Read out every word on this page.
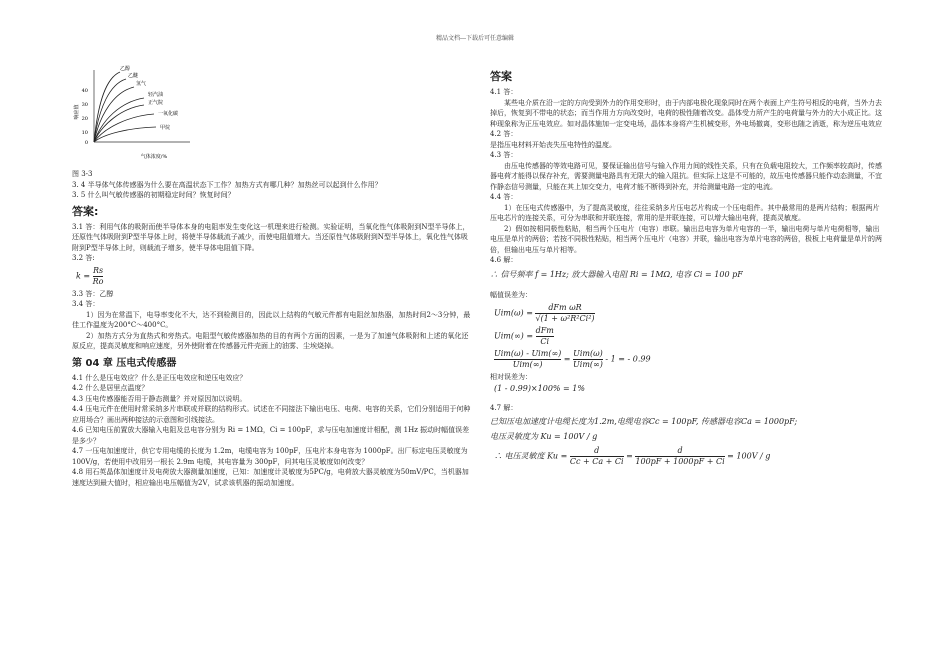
精品文档---下载后可任意编辑
40
30
20
10
0
响应值
气体浓度/%
乙醇
乙醚
氢气
轻汽油
正气院
一氧化碳
甲烷

图 3-3

3. 4 半导体气体传感器为什么要在高温状态下工作？加热方式有哪几种？加热丝可以起到什么作用？

3. 5 什么叫气敏传感器的初期稳定时间？恢复时间？

答案:

3.1 答：利用气体的吸附而使半导体本身的电阻率发生变化这一机理来进行检测。实验证明，当氧化性气体吸附到N型半导体上，还原性气体吸附到P型半导体上时，将使半导体载流子减少，而使电阻值增大。当还原性气体吸附到N型半导体上，氧化性气体吸附到P型半导体上时，则载流子增多，使半导体电阻值下降。

3.2 答:

$k = \frac{Rs}{Ro}$

3.3 答：乙醇

3.4 答：

1）因为在常温下，电导率变化不大，达不到检测目的，因此以上结构的气敏元件都有电阻丝加热器，加热时间2～3分钟，最佳工作温度为200°C～400°C。

2）加热方式分为直热式和旁热式。电阻型气敏传感器加热的目的有两个方面的因素，一是为了加速气体吸附和上述的氧化还原反应，提高灵敏度和响应速度，另外使附着在传感器元件壳面上的油雾、尘埃烧掉。

第 04 章 压电式传感器

4.1 什么是压电效应？什么是正压电效应和逆压电效应？

4.2 什么是居里点温度？

4.3 压电传感器能否用于静态测量？并对原因加以说明。

4.4 压电元件在使用时常采纳多片串联或并联的结构形式。试述在不同接法下输出电压、电荷、电容的关系，它们分别适用于何种应用场合？画出两种接法的示意图和引线接法。

4.6 已知电压前置放大器输入电阻及总电容分别为 Ri = 1MΩ，Ci = 100pF，求与压电加速度计相配，测 1Hz 振动时幅值误差是多少？

4.7 一压电加速度计，供它专用电缆的长度为 1.2m，电缆电容为 100pF，压电片本身电容为 1000pF。出厂标定电压灵敏度为 100V/g，若使用中改用另一根长 2.9m 电缆，其电容量为 300pF，问其电压灵敏度如何改变？

4.8 用石英晶体加速度计及电荷放大器测量加速度，已知：加速度计灵敏度为5PC/g，电荷放大器灵敏度为50mV/PC，当机器加速度达到最大值时，相应输出电压幅值为2V，试求该机器的振动加速度。

答案

4.1 答：

某些电介质在沿一定的方向受到外力的作用变形时，由于内部电极化现象同时在两个表面上产生符号相反的电荷，当外力去掉后，恢复到不带电的状态；而当作用力方向改变时，电荷的极性随着改变。晶体受力所产生的电荷量与外力的大小成正比。这种现象称为正压电效应。如对晶体施加一定变电场，晶体本身将产生机械变形，外电场撤离，变形也随之消逝，称为逆压电效应

4.2 答：

是指压电材料开始丧失压电特性的温度。

4.3 答：

由压电传感器的等效电路可见，要保证输出信号与输入作用力间的线性关系，只有在负载电阻较大，工作频率较高时，传感器电荷才能得以保存补充，需要测量电路具有无限大的输入阻抗。但实际上这是不可能的，故压电传感器只能作动态测量，不宜作静态信号测量，只能在其上加交变力，电荷才能不断得到补充，并给测量电路一定的电流。

4.4 答：

1）在压电式传感器中，为了提高灵敏度，往往采纳多片压电芯片构成一个压电组件。其中最常用的是两片结构；根据两片压电芯片的连接关系，可分为串联和并联连接，常用的是并联连接，可以增大输出电荷，提高灵敏度。

2）假如按相同极性粘贴，相当两个压电片（电容）串联。输出总电容为单片电容的一半，输出电荷与单片电荷相等，输出电压是单片的两倍；若按不同极性粘贴，相当两个压电片（电容）并联，输出电容为单片电容的两倍，极板上电荷量是单片的两倍，但输出电压与单片相等。

4.6 解：

∴ 信号频率 f = 1Hz; 放大器输入电阻 Ri = 1MΩ, 电容 Ci = 100 pF

幅值误差为：

$Uim(\omega) = \frac{\text{dFm ωR}}{\text{√(1 + ω²R²Ci²)}}$
$Uim(\infty) = \frac{\text{dFm}}{Ci}$
$\frac{\text{Uim(ω) - Uim(∞)}}{\text{Uim(∞)}} = \frac{\text{Uim(ω)}}{\text{Uim(∞)}} - 1$ = - 0.99

相对误差为：

(1 - 0.99)×100% = 1%

4.7 解：

已知压电加速度计电缆长度为1.2m,电缆电容Cc = 100pF, 传感器电容Ca = 1000pF;

电压灵敏度为 Ku = 100V / g

∴ 电压灵敏度 $Ku = \frac{d}{Cc + Ca + Ci} = \frac{d}{100pF + 1000pF + Ci} = 100V / g$
